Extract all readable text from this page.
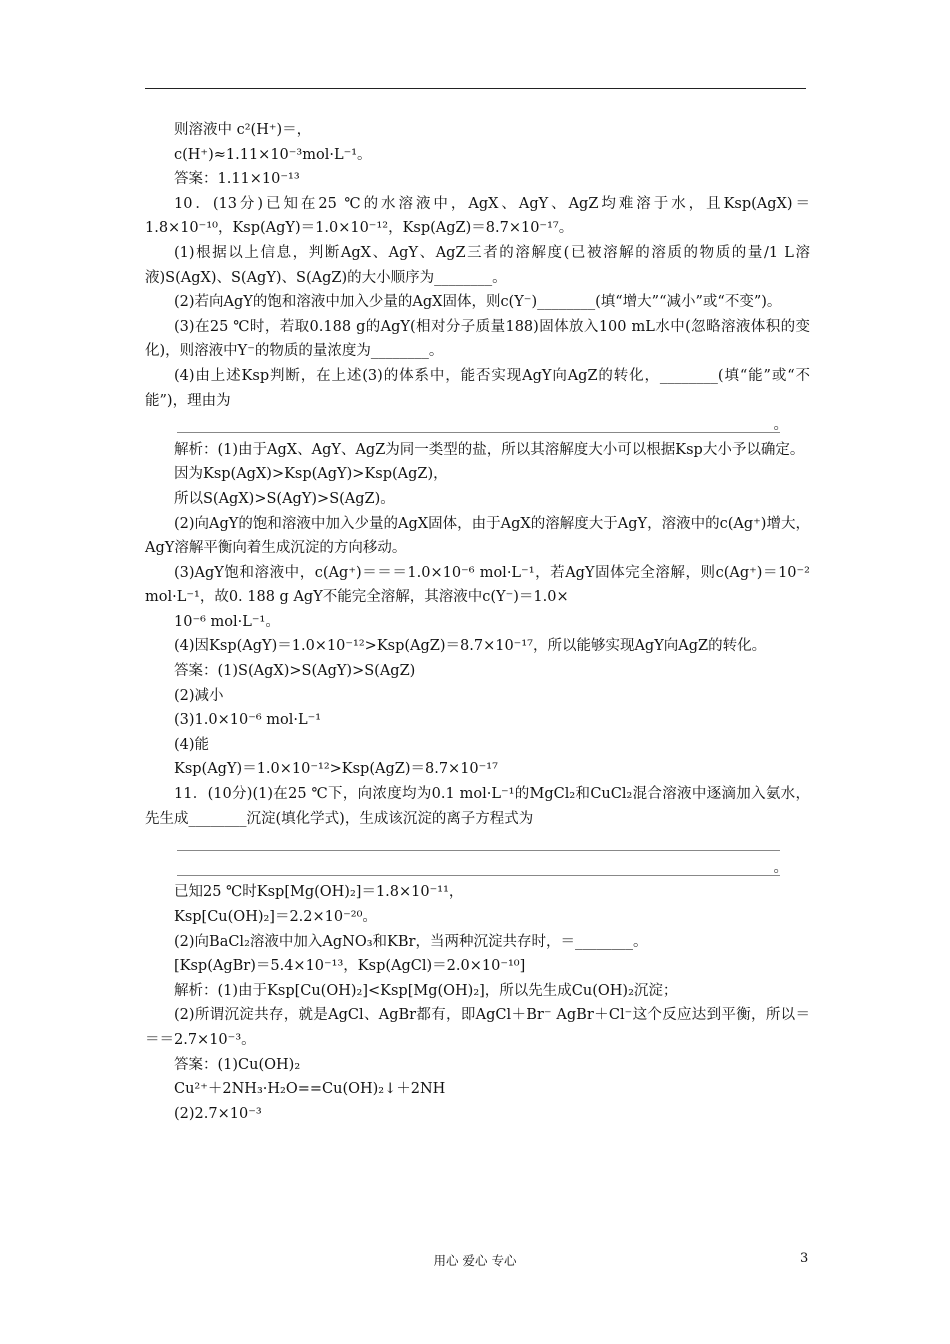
则溶液中 c²(H⁺)＝，

c(H⁺)≈1.11×10⁻³mol·L⁻¹。

答案：1.11×10⁻¹³

10．(13分)已知在25 ℃的水溶液中，AgX、AgY、AgZ均难溶于水，且Ksp(AgX)＝1.8×10⁻¹⁰，Ksp(AgY)＝1.0×10⁻¹²，Ksp(AgZ)＝8.7×10⁻¹⁷。

(1)根据以上信息，判断AgX、AgY、AgZ三者的溶解度(已被溶解的溶质的物质的量/1 L溶液)S(AgX)、S(AgY)、S(AgZ)的大小顺序为________。

(2)若向AgY的饱和溶液中加入少量的AgX固体，则c(Y⁻)________(填“增大”“减小”或“不变”)。

(3)在25 ℃时，若取0.188 g的AgY(相对分子质量188)固体放入100 mL水中(忽略溶液体积的变化)，则溶液中Y⁻的物质的量浓度为________。

(4)由上述Ksp判断，在上述(3)的体系中，能否实现AgY向AgZ的转化，________(填“能”或“不能”)，理由为

。

解析：(1)由于AgX、AgY、AgZ为同一类型的盐，所以其溶解度大小可以根据Ksp大小予以确定。

因为Ksp(AgX)>Ksp(AgY)>Ksp(AgZ)，

所以S(AgX)>S(AgY)>S(AgZ)。

(2)向AgY的饱和溶液中加入少量的AgX固体，由于AgX的溶解度大于AgY，溶液中的c(Ag⁺)增大，AgY溶解平衡向着生成沉淀的方向移动。

(3)AgY饱和溶液中，c(Ag⁺)＝＝＝1.0×10⁻⁶ mol·L⁻¹，若AgY固体完全溶解，则c(Ag⁺)＝10⁻² mol·L⁻¹，故0. 188 g AgY不能完全溶解，其溶液中c(Y⁻)＝1.0×

10⁻⁶ mol·L⁻¹。

(4)因Ksp(AgY)＝1.0×10⁻¹²>Ksp(AgZ)＝8.7×10⁻¹⁷，所以能够实现AgY向AgZ的转化。

答案：(1)S(AgX)>S(AgY)>S(AgZ)

(2)减小

(3)1.0×10⁻⁶ mol·L⁻¹

(4)能

Ksp(AgY)＝1.0×10⁻¹²>Ksp(AgZ)＝8.7×10⁻¹⁷

11．(10分)(1)在25 ℃下，向浓度均为0.1 mol·L⁻¹的MgCl₂和CuCl₂混合溶液中逐滴加入氨水，先生成________沉淀(填化学式)，生成该沉淀的离子方程式为

。

已知25 ℃时Ksp[Mg(OH)₂]＝1.8×10⁻¹¹，

Ksp[Cu(OH)₂]＝2.2×10⁻²⁰。

(2)向BaCl₂溶液中加入AgNO₃和KBr，当两种沉淀共存时，＝________。

[Ksp(AgBr)＝5.4×10⁻¹³，Ksp(AgCl)＝2.0×10⁻¹⁰]

解析：(1)由于Ksp[Cu(OH)₂]<Ksp[Mg(OH)₂]，所以先生成Cu(OH)₂沉淀；

(2)所谓沉淀共存，就是AgCl、AgBr都有，即AgCl＋Br⁻ AgBr＋Cl⁻这个反应达到平衡，所以＝＝＝2.7×10⁻³。

答案：(1)Cu(OH)₂

Cu²⁺＋2NH₃·H₂O==Cu(OH)₂↓＋2NH

(2)2.7×10⁻³

用心 爱心 专心	3
